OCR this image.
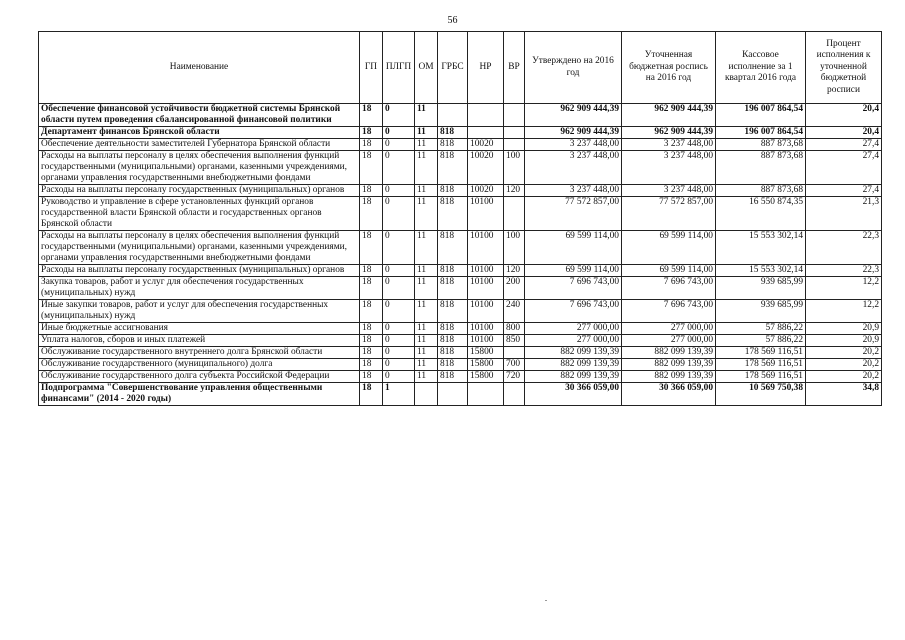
56
Наименование	ГП	ПЛГП	ОМ	ГРБС	НР	ВР	Утверждено на 2016 год	Уточненная бюджетная роспись на 2016 год	Кассовое исполнение за 1 квартал 2016 года	Процент исполнения к уточненной бюджетной росписи
Обеспечение финансовой устойчивости бюджетной системы Брянской области путем проведения сбалансированной финансовой политики	18	0	11				962 909 444,39	962 909 444,39	196 007 864,54	20,4
Департамент финансов Брянской области	18	0	11	818			962 909 444,39	962 909 444,39	196 007 864,54	20,4
Обеспечение деятельности заместителей Губернатора Брянской области	18	0	11	818	10020		3 237 448,00	3 237 448,00	887 873,68	27,4
Расходы на выплаты персоналу в целях обеспечения выполнения функций государственными (муниципальными) органами, казенными учреждениями, органами управления государственными внебюджетными фондами	18	0	11	818	10020	100	3 237 448,00	3 237 448,00	887 873,68	27,4
Расходы на выплаты персоналу государственных (муниципальных) органов	18	0	11	818	10020	120	3 237 448,00	3 237 448,00	887 873,68	27,4
Руководство и управление в сфере установленных функций органов государственной власти Брянской области и государственных органов Брянской области	18	0	11	818	10100		77 572 857,00	77 572 857,00	16 550 874,35	21,3
Расходы на выплаты персоналу в целях обеспечения выполнения функций государственными (муниципальными) органами, казенными учреждениями, органами управления государственными внебюджетными фондами	18	0	11	818	10100	100	69 599 114,00	69 599 114,00	15 553 302,14	22,3
Расходы на выплаты персоналу государственных (муниципальных) органов	18	0	11	818	10100	120	69 599 114,00	69 599 114,00	15 553 302,14	22,3
Закупка товаров, работ и услуг для обеспечения государственных (муниципальных) нужд	18	0	11	818	10100	200	7 696 743,00	7 696 743,00	939 685,99	12,2
Иные закупки товаров, работ и услуг для обеспечения государственных (муниципальных) нужд	18	0	11	818	10100	240	7 696 743,00	7 696 743,00	939 685,99	12,2
Иные бюджетные ассигнования	18	0	11	818	10100	800	277 000,00	277 000,00	57 886,22	20,9
Уплата налогов, сборов и иных платежей	18	0	11	818	10100	850	277 000,00	277 000,00	57 886,22	20,9
Обслуживание государственного внутреннего долга Брянской области	18	0	11	818	15800		882 099 139,39	882 099 139,39	178 569 116,51	20,2
Обслуживание государственного (муниципального) долга	18	0	11	818	15800	700	882 099 139,39	882 099 139,39	178 569 116,51	20,2
Обслуживание государственного долга субъекта Российской Федерации	18	0	11	818	15800	720	882 099 139,39	882 099 139,39	178 569 116,51	20,2
Подпрограмма "Совершенствование управления общественными финансами" (2014 - 2020 годы)	18	1					30 366 059,00	30 366 059,00	10 569 750,38	34,8
